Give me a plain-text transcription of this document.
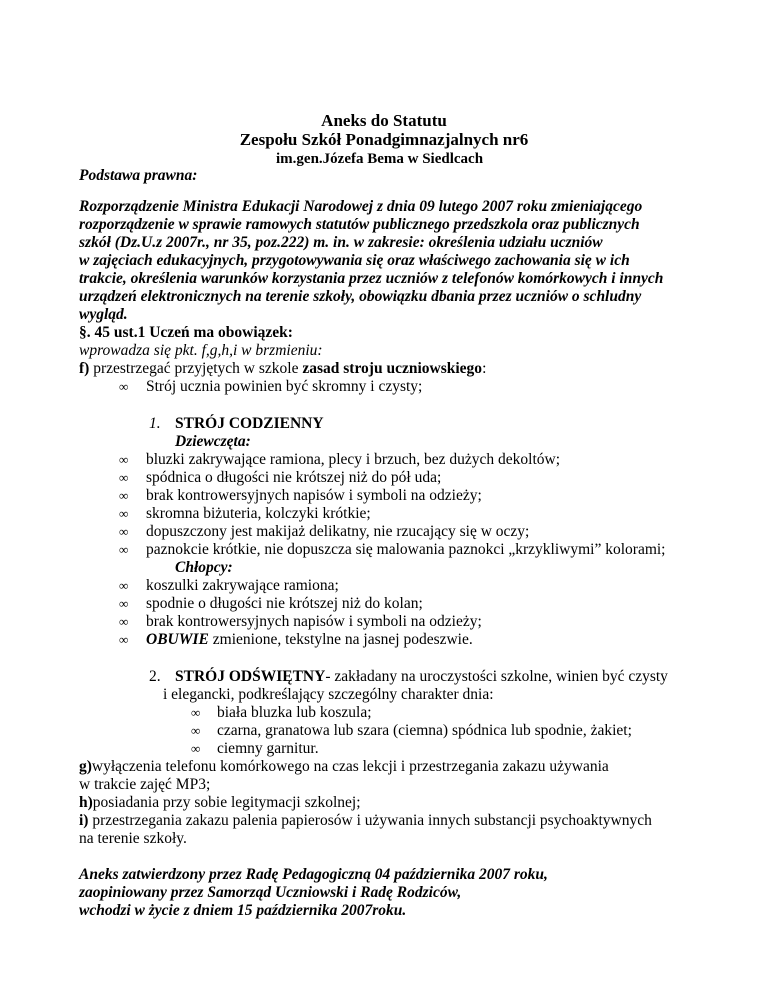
Aneks do Statutu
Zespołu Szkół Ponadgimnazjalnych nr6
im.gen.Józefa Bema w Siedlcach
Podstawa prawna:
Rozporządzenie Ministra Edukacji Narodowej z dnia 09 lutego 2007 roku zmieniającego
rozporządzenie w sprawie ramowych statutów publicznego przedszkola oraz publicznych
szkół (Dz.U.z 2007r., nr 35, poz.222) m. in. w zakresie: określenia udziału uczniów
w zajęciach edukacyjnych, przygotowywania się oraz właściwego zachowania się w ich
trakcie, określenia warunków korzystania przez uczniów z telefonów komórkowych i innych
urządzeń elektronicznych na terenie szkoły, obowiązku dbania przez uczniów o schludny
wygląd.
§. 45 ust.1 Uczeń ma obowiązek:
wprowadza się pkt. f,g,h,i w brzmieniu:
f) przestrzegać przyjętych w szkole zasad stroju uczniowskiego:
∞ Strój ucznia powinien być skromny i czysty;
1. STRÓJ CODZIENNY
Dziewczęta:
∞ bluzki zakrywające ramiona, plecy i brzuch, bez dużych dekoltów;
∞ spódnica o długości nie krótszej niż do pół uda;
∞ brak kontrowersyjnych napisów i symboli na odzieży;
∞ skromna biżuteria, kolczyki krótkie;
∞ dopuszczony jest makijaż delikatny, nie rzucający się w oczy;
∞ paznokcie krótkie, nie dopuszcza się malowania paznokci „krzykliwymi” kolorami;
Chłopcy:
∞ koszulki zakrywające ramiona;
∞ spodnie o długości nie krótszej niż do kolan;
∞ brak kontrowersyjnych napisów i symboli na odzieży;
∞ OBUWIE zmienione, tekstylne na jasnej podeszwie.
2. STRÓJ ODŚWIĘTNY- zakładany na uroczystości szkolne, winien być czysty
i elegancki, podkreślający szczególny charakter dnia:
∞ biała bluzka lub koszula;
∞ czarna, granatowa lub szara (ciemna) spódnica lub spodnie, żakiet;
∞ ciemny garnitur.
g)wyłączenia telefonu komórkowego na czas lekcji i przestrzegania zakazu używania
w trakcie zajęć MP3;
h)posiadania przy sobie legitymacji szkolnej;
i) przestrzegania zakazu palenia papierosów i używania innych substancji psychoaktywnych
na terenie szkoły.
Aneks zatwierdzony przez Radę Pedagogiczną 04 października 2007 roku,
zaopiniowany przez Samorząd Uczniowski i Radę Rodziców,
wchodzi w życie z dniem 15 października 2007roku.
